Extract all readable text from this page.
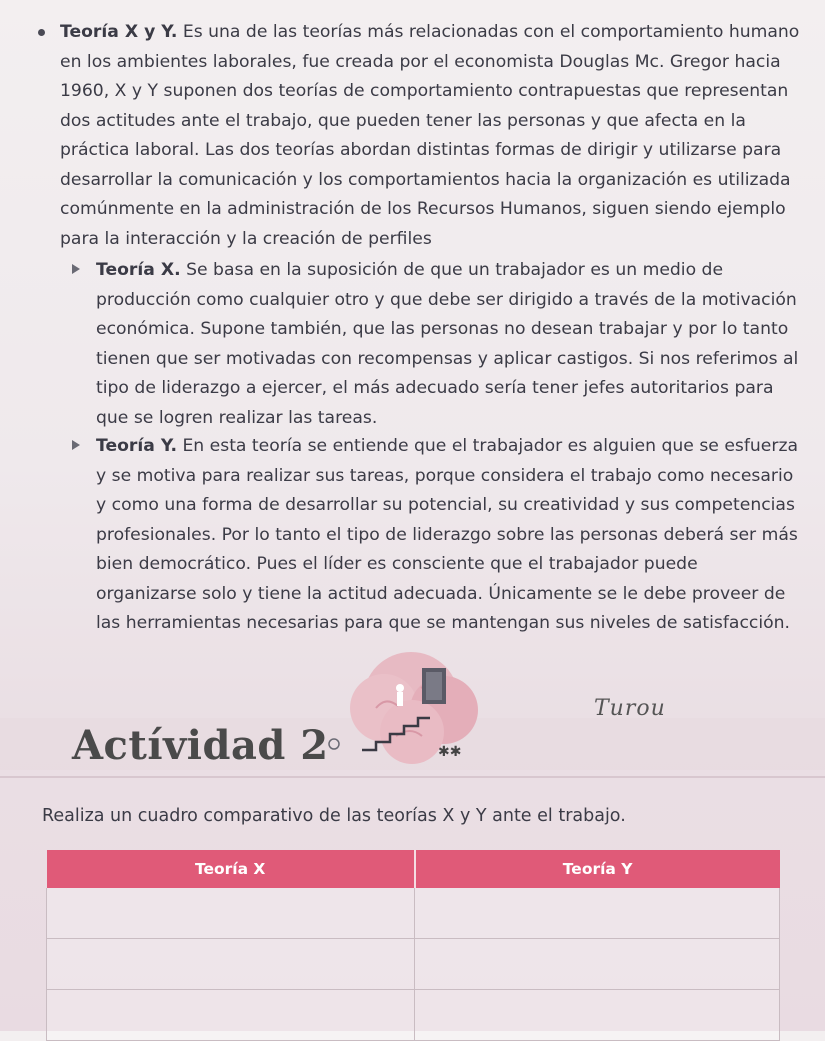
Teoría X y Y. Es una de las teorías más relacionadas con el comportamiento humano en los ambientes laborales, fue creada por el economista Douglas Mc. Gregor hacia 1960, X y Y suponen dos teorías de comportamiento contrapuestas que representan dos actitudes ante el trabajo, que pueden tener las personas y que afecta en la práctica laboral. Las dos teorías abordan distintas formas de dirigir y utilizarse para desarrollar la comunicación y los comportamientos hacia la organización es utilizada comúnmente en la administración de los Recursos Humanos, siguen siendo ejemplo para la interacción y la creación de perfiles
Teoría X. Se basa en la suposición de que un trabajador es un medio de producción como cualquier otro y que debe ser dirigido a través de la motivación económica. Supone también, que las personas no desean trabajar y por lo tanto tienen que ser motivadas con recompensas y aplicar castigos. Si nos referimos al tipo de liderazgo a ejercer, el más adecuado sería tener jefes autoritarios para que se logren realizar las tareas.
Teoría Y. En esta teoría se entiende que el trabajador es alguien que se esfuerza y se motiva para realizar sus tareas, porque considera el trabajo como necesario y como una forma de desarrollar su potencial, su creatividad y sus competencias profesionales. Por lo tanto el tipo de liderazgo sobre las personas deberá ser más bien democrático. Pues el líder es consciente que el trabajador puede organizarse solo y tiene la actitud adecuada. Únicamente se le debe proveer de las herramientas necesarias para que se mantengan sus niveles de satisfacción.
✱✱
Actívidad 2
Turou
Realiza un cuadro comparativo de las teorías X y Y ante el trabajo.
Teoría X	Teoría Y
